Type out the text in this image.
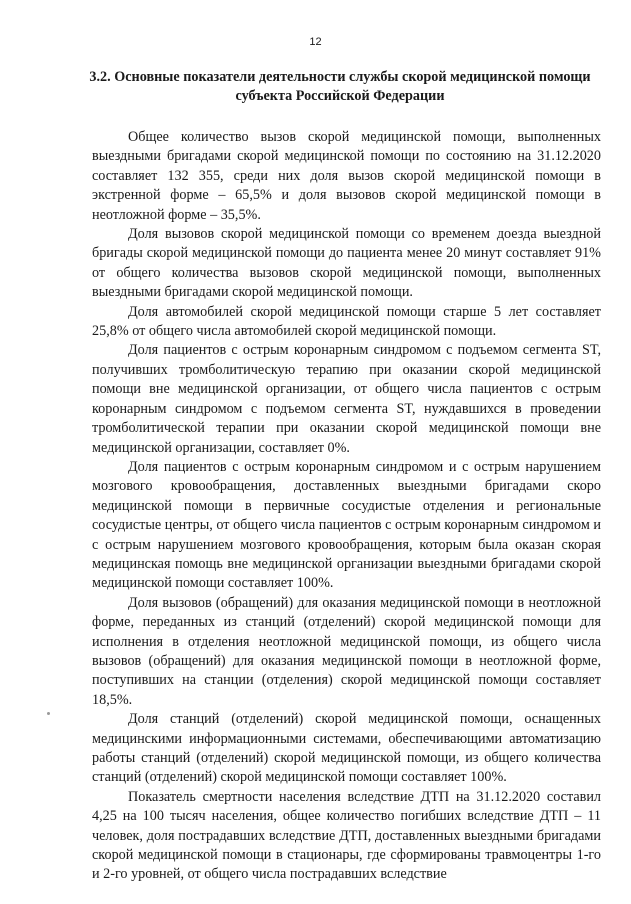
12
3.2. Основные показатели деятельности службы скорой медицинской помощи субъекта Российской Федерации

Общее количество вызов скорой медицинской помощи, выполненных выездными бригадами скорой медицинской помощи по состоянию на 31.12.2020 составляет 132 355, среди них доля вызов скорой медицинской помощи в экстренной форме – 65,5% и доля вызовов скорой медицинской помощи в неотложной форме – 35,5%.

Доля вызовов скорой медицинской помощи со временем доезда выездной бригады скорой медицинской помощи до пациента менее 20 минут составляет 91% от общего количества вызовов скорой медицинской помощи, выполненных выездными бригадами скорой медицинской помощи.

Доля автомобилей скорой медицинской помощи старше 5 лет составляет 25,8% от общего числа автомобилей скорой медицинской помощи.

Доля пациентов с острым коронарным синдромом с подъемом сегмента ST, получивших тромболитическую терапию при оказании скорой медицинской помощи вне медицинской организации, от общего числа пациентов с острым коронарным синдромом с подъемом сегмента ST, нуждавшихся в проведении тромболитической терапии при оказании скорой медицинской помощи вне медицинской организации, составляет 0%.

Доля пациентов с острым коронарным синдромом и с острым нарушением мозгового кровообращения, доставленных выездными бригадами скоро медицинской помощи в первичные сосудистые отделения и региональные сосудистые центры, от общего числа пациентов с острым коронарным синдромом и с острым нарушением мозгового кровообращения, которым была оказан скорая медицинская помощь вне медицинской организации выездными бригадами скорой медицинской помощи составляет 100%.

Доля вызовов (обращений) для оказания медицинской помощи в неотложной форме, переданных из станций (отделений) скорой медицинской помощи для исполнения в отделения неотложной медицинской помощи, из общего числа вызовов (обращений) для оказания медицинской помощи в неотложной форме, поступивших на станции (отделения) скорой медицинской помощи составляет 18,5%.

Доля станций (отделений) скорой медицинской помощи, оснащенных медицинскими информационными системами, обеспечивающими автоматизацию работы станций (отделений) скорой медицинской помощи, из общего количества станций (отделений) скорой медицинской помощи составляет 100%.

Показатель смертности населения вследствие ДТП на 31.12.2020 составил 4,25 на 100 тысяч населения, общее количество погибших вследствие ДТП – 11 человек, доля пострадавших вследствие ДТП, доставленных выездными бригадами скорой медицинской помощи в стационары, где сформированы травмоцентры 1-го и 2-го уровней, от общего числа пострадавших вследствие
